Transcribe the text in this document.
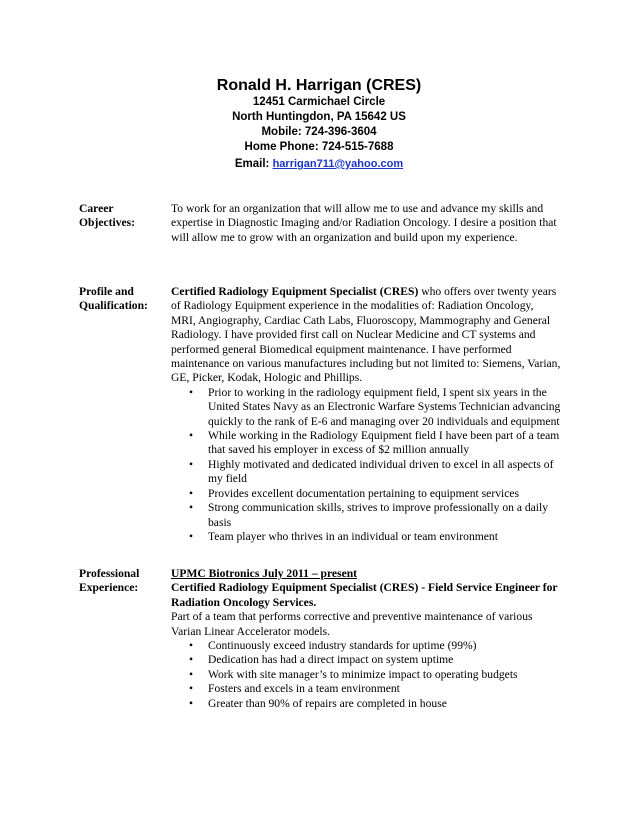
Ronald H. Harrigan (CRES)
12451 Carmichael Circle
North Huntingdon, PA 15642 US
Mobile: 724-396-3604
Home Phone: 724-515-7688
Email: harrigan711@yahoo.com
Career
Objectives:

To work for an organization that will allow me to use and advance my skills and expertise in Diagnostic Imaging and/or Radiation Oncology. I desire a position that will allow me to grow with an organization and build upon my experience.

Profile and
Qualification:

Certified Radiology Equipment Specialist (CRES) who offers over twenty years of Radiology Equipment experience in the modalities of: Radiation Oncology, MRI, Angiography, Cardiac Cath Labs, Fluoroscopy, Mammography and General Radiology. I have provided first call on Nuclear Medicine and CT systems and performed general Biomedical equipment maintenance. I have performed maintenance on various manufactures including but not limited to: Siemens, Varian, GE, Picker, Kodak, Hologic and Phillips.

• Prior to working in the radiology equipment field, I spent six years in the United States Navy as an Electronic Warfare Systems Technician advancing quickly to the rank of E-6 and managing over 20 individuals and equipment
• While working in the Radiology Equipment field I have been part of a team that saved his employer in excess of $2 million annually
• Highly motivated and dedicated individual driven to excel in all aspects of my field
• Provides excellent documentation pertaining to equipment services
• Strong communication skills, strives to improve professionally on a daily basis
• Team player who thrives in an individual or team environment
Professional
Experience:

UPMC Biotronics July 2011 – present

Certified Radiology Equipment Specialist (CRES) - Field Service Engineer for Radiation Oncology Services.

Part of a team that performs corrective and preventive maintenance of various Varian Linear Accelerator models.

• Continuously exceed industry standards for uptime (99%)
• Dedication has had a direct impact on system uptime
• Work with site manager’s to minimize impact to operating budgets
• Fosters and excels in a team environment
• Greater than 90% of repairs are completed in house
